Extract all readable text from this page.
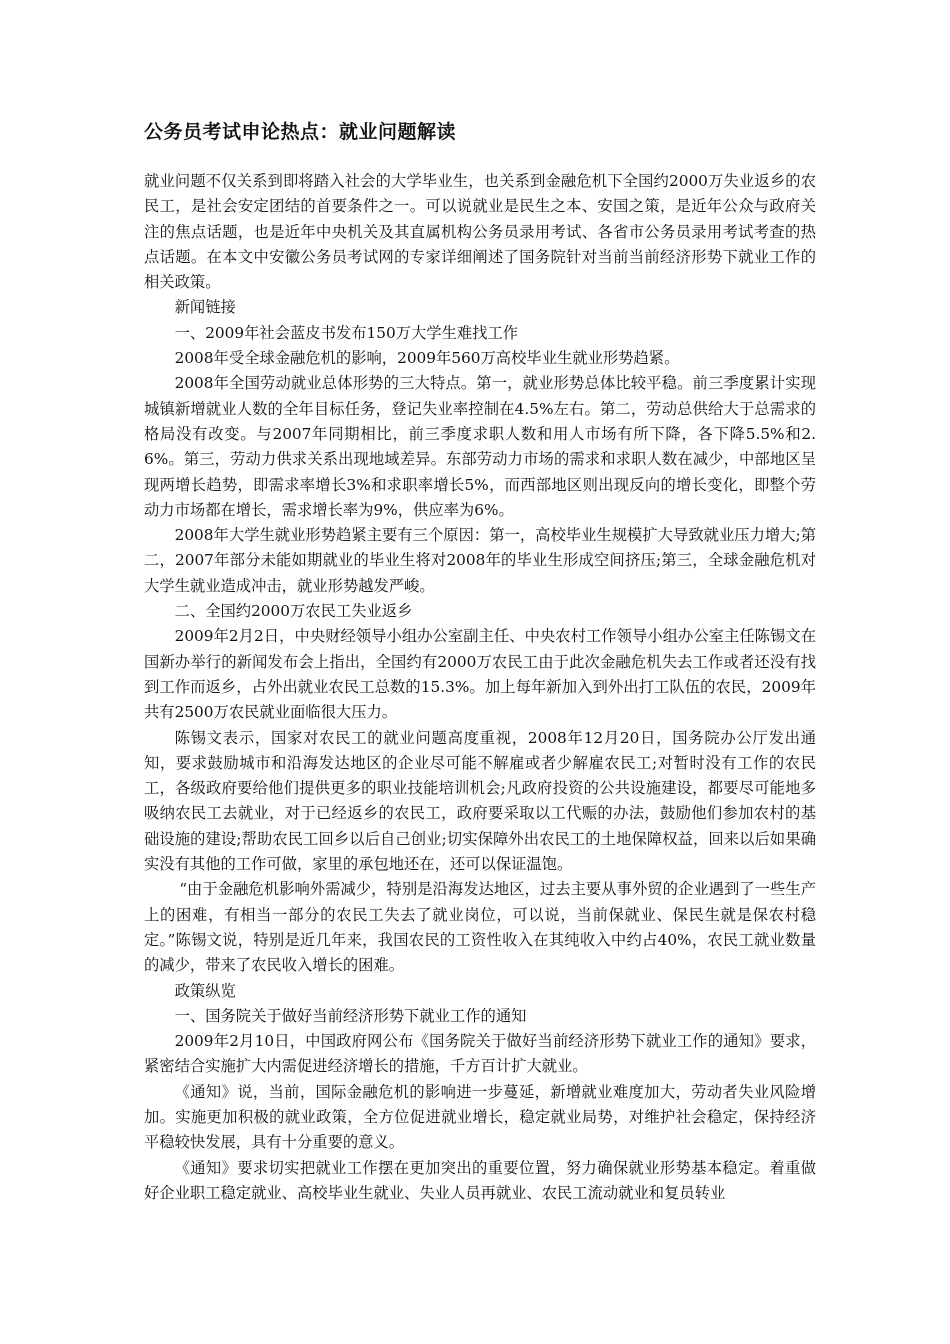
公务员考试申论热点：就业问题解读

就业问题不仅关系到即将踏入社会的大学毕业生，也关系到金融危机下全国约2000万失业返乡的农民工，是社会安定团结的首要条件之一。可以说就业是民生之本、安国之策，是近年公众与政府关注的焦点话题，也是近年中央机关及其直属机构公务员录用考试、各省市公务员录用考试考查的热点话题。在本文中安徽公务员考试网的专家详细阐述了国务院针对当前当前经济形势下就业工作的相关政策。

新闻链接

一、2009年社会蓝皮书发布150万大学生难找工作

2008年受全球金融危机的影响，2009年560万高校毕业生就业形势趋紧。

2008年全国劳动就业总体形势的三大特点。第一，就业形势总体比较平稳。前三季度累计实现城镇新增就业人数的全年目标任务，登记失业率控制在4.5%左右。第二，劳动总供给大于总需求的格局没有改变。与2007年同期相比，前三季度求职人数和用人市场有所下降，各下降5.5%和2.6%。第三，劳动力供求关系出现地域差异。东部劳动力市场的需求和求职人数在减少，中部地区呈现两增长趋势，即需求率增长3%和求职率增长5%，而西部地区则出现反向的增长变化，即整个劳动力市场都在增长，需求增长率为9%，供应率为6%。

2008年大学生就业形势趋紧主要有三个原因：第一，高校毕业生规模扩大导致就业压力增大;第二，2007年部分未能如期就业的毕业生将对2008年的毕业生形成空间挤压;第三，全球金融危机对大学生就业造成冲击，就业形势越发严峻。

二、全国约2000万农民工失业返乡

2009年2月2日，中央财经领导小组办公室副主任、中央农村工作领导小组办公室主任陈锡文在国新办举行的新闻发布会上指出，全国约有2000万农民工由于此次金融危机失去工作或者还没有找到工作而返乡，占外出就业农民工总数的15.3%。加上每年新加入到外出打工队伍的农民，2009年共有2500万农民就业面临很大压力。

陈锡文表示，国家对农民工的就业问题高度重视，2008年12月20日，国务院办公厅发出通知，要求鼓励城市和沿海发达地区的企业尽可能不解雇或者少解雇农民工;对暂时没有工作的农民工，各级政府要给他们提供更多的职业技能培训机会;凡政府投资的公共设施建设，都要尽可能地多吸纳农民工去就业，对于已经返乡的农民工，政府要采取以工代赈的办法，鼓励他们参加农村的基础设施的建设;帮助农民工回乡以后自己创业;切实保障外出农民工的土地保障权益，回来以后如果确实没有其他的工作可做，家里的承包地还在，还可以保证温饱。

“由于金融危机影响外需减少，特别是沿海发达地区，过去主要从事外贸的企业遇到了一些生产上的困难，有相当一部分的农民工失去了就业岗位，可以说，当前保就业、保民生就是保农村稳定。”陈锡文说，特别是近几年来，我国农民的工资性收入在其纯收入中约占40%，农民工就业数量的减少，带来了农民收入增长的困难。

政策纵览

一、国务院关于做好当前经济形势下就业工作的通知

2009年2月10日，中国政府网公布《国务院关于做好当前经济形势下就业工作的通知》要求，紧密结合实施扩大内需促进经济增长的措施，千方百计扩大就业。

《通知》说，当前，国际金融危机的影响进一步蔓延，新增就业难度加大，劳动者失业风险增加。实施更加积极的就业政策，全方位促进就业增长，稳定就业局势，对维护社会稳定，保持经济平稳较快发展，具有十分重要的意义。

《通知》要求切实把就业工作摆在更加突出的重要位置，努力确保就业形势基本稳定。着重做好企业职工稳定就业、高校毕业生就业、失业人员再就业、农民工流动就业和复员转业
